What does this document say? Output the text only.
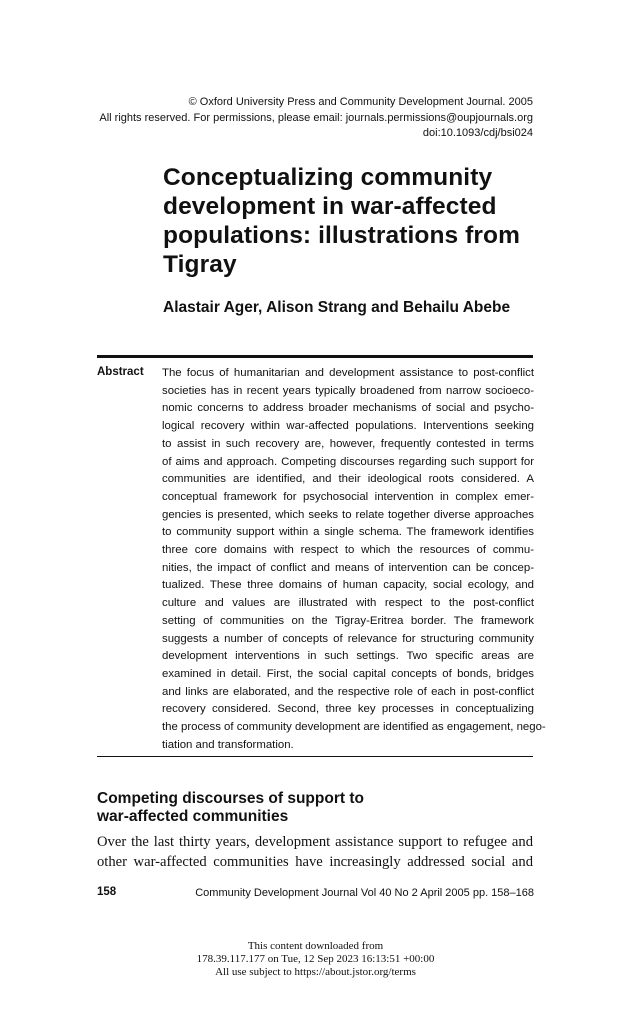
© Oxford University Press and Community Development Journal. 2005
All rights reserved. For permissions, please email: journals.permissions@oupjournals.org
doi:10.1093/cdj/bsi024
Conceptualizing community
development in war-affected
populations: illustrations from
Tigray
Alastair Ager, Alison Strang and Behailu Abebe
Abstract The focus of humanitarian and development assistance to post-conflict
societies has in recent years typically broadened from narrow socioeco-
nomic concerns to address broader mechanisms of social and psycho-
logical recovery within war-affected populations. Interventions seeking
to assist in such recovery are, however, frequently contested in terms
of aims and approach. Competing discourses regarding such support for
communities are identified, and their ideological roots considered. A
conceptual framework for psychosocial intervention in complex emer-
gencies is presented, which seeks to relate together diverse approaches
to community support within a single schema. The framework identifies
three core domains with respect to which the resources of commu-
nities, the impact of conflict and means of intervention can be concep-
tualized. These three domains of human capacity, social ecology, and
culture and values are illustrated with respect to the post-conflict
setting of communities on the Tigray-Eritrea border. The framework
suggests a number of concepts of relevance for structuring community
development interventions in such settings. Two specific areas are
examined in detail. First, the social capital concepts of bonds, bridges
and links are elaborated, and the respective role of each in post-conflict
recovery considered. Second, three key processes in conceptualizing
the process of community development are identified as engagement, nego-
tiation and transformation.
Competing discourses of support to
war-affected communities
Over the last thirty years, development assistance support to refugee and
other war-affected communities have increasingly addressed social and
158	Community Development Journal Vol 40 No 2 April 2005 pp. 158–168
This content downloaded from
178.39.117.177 on Tue, 12 Sep 2023 16:13:51 +00:00
All use subject to https://about.jstor.org/terms
